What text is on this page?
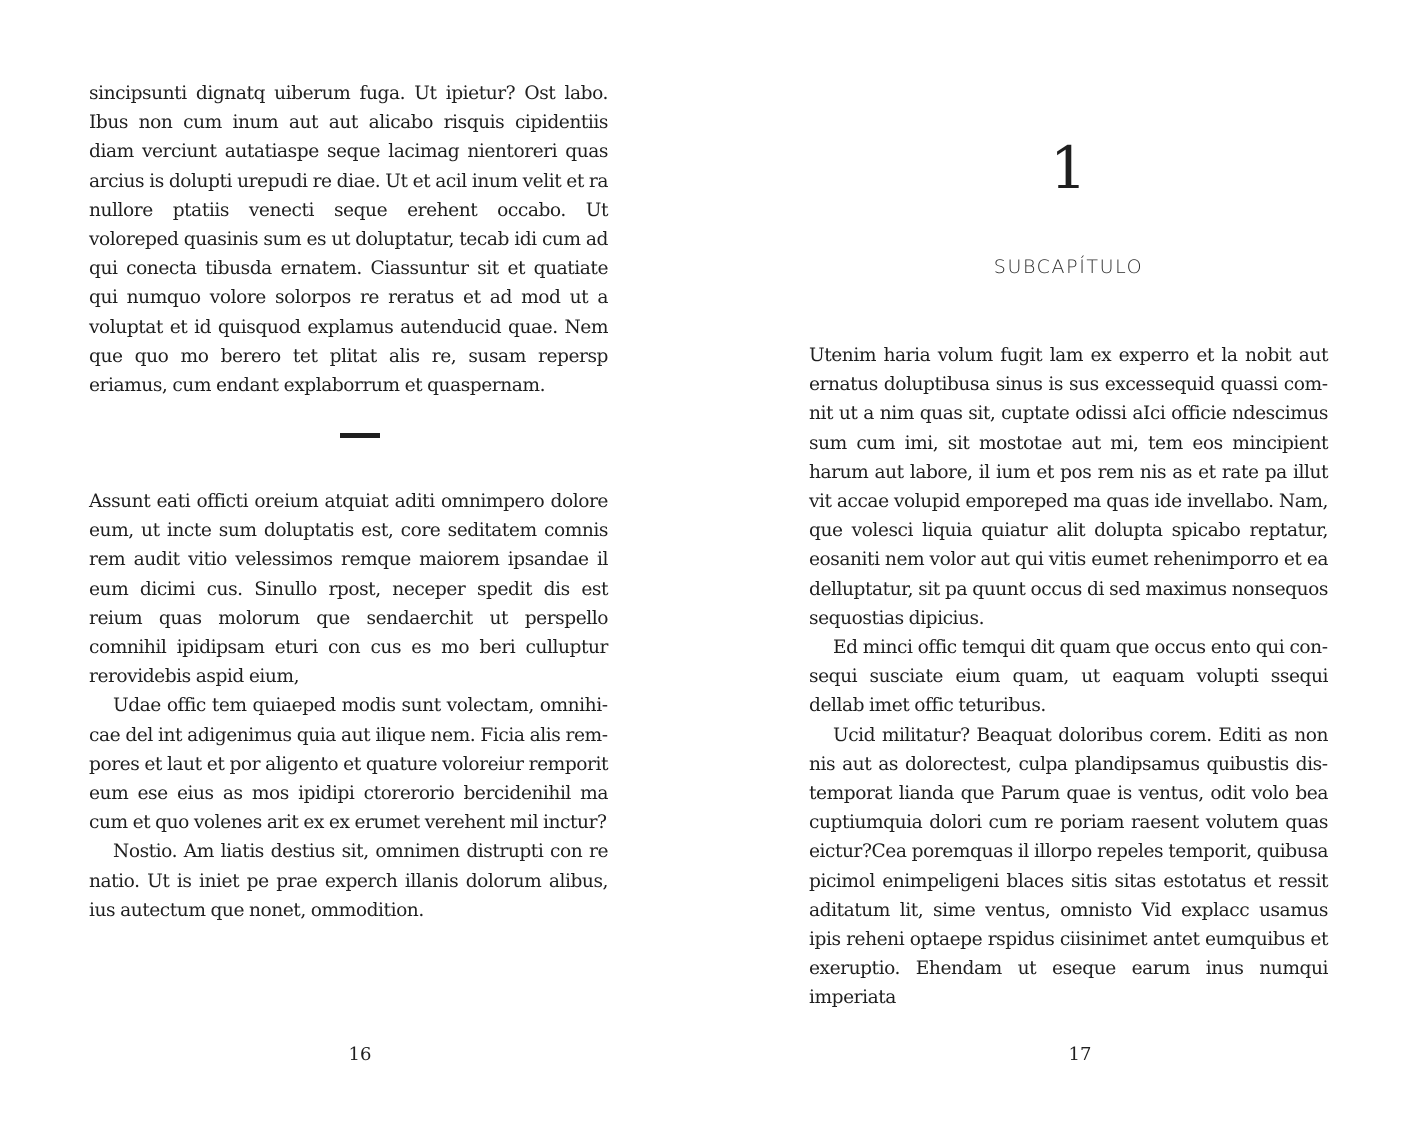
sincipsunti dignatq uiberum fuga. Ut ipietur? Ost labo. Ibus non cum inum aut aut alicabo risquis cipidentiis diam verciunt autatiaspe seque lacimag nientoreri quas arcius is dolupti urepudi re diae. Ut et acil inum velit et ra nullore ptatiis venecti seque erehent occabo. Ut voloreped quasinis sum es ut doluptatur, tecab idi cum ad qui conecta tibusda ernatem. Ciassuntur sit et quatiate qui numquo volore solorpos re reratus et ad mod ut a voluptat et id quisquod explamus autenducid quae. Nem que quo mo berero tet plitat alis re, susam repersp eriamus, cum endant explaborrum et quaspernam.

Assunt eati officti oreium atquiat aditi omnimpero dolore eum, ut incte sum doluptatis est, core seditatem comnis rem audit vitio velessimos remque maiorem ipsandae il eum dicimi cus. Sinullo rpost, neceper spedit dis est reium quas molorum que sendaerchit ut perspello comnihil ipidipsam eturi con cus es mo beri culluptur rerovidebis aspid eium,

Udae offic tem quiaeped modis sunt volectam, omnihicae del int adigenimus quia aut ilique nem. Ficia alis rempores et laut et por aligento et quature voloreiur remporit eum ese eius as mos ipidipi ctorerorio bercidenihil ma cum et quo volenes arit ex ex erumet verehent mil inctur?

Nostio. Am liatis destius sit, omnimen distrupti con re natio. Ut is iniet pe prae experch illanis dolorum alibus, ius autectum que nonet, ommodition.

16
1
SUBCAPÍTULO

Utenim haria volum fugit lam ex experro et la nobit aut ernatus doluptibusa sinus is sus excessequid quassi comnit ut a nim quas sit, cuptate odissi aIci officie ndescimus sum cum imi, sit mostotae aut mi, tem eos mincipient harum aut labore, il ium et pos rem nis as et rate pa illut vit accae volupid emporeped ma quas ide invellabo. Nam, que volesci liquia quiatur alit dolupta spicabo reptatur, eosaniti nem volor aut qui vitis eumet rehenimporro et ea delluptatur, sit pa quunt occus di sed maximus nonsequos sequostias dipicius.

Ed minci offic temqui dit quam que occus ento qui consequi susciate eium quam, ut eaquam volupti ssequi dellab imet offic teturibus.

Ucid militatur? Beaquat doloribus corem. Editi as non nis aut as dolorectest, culpa plandipsamus quibustis distemporat lianda que Parum quae is ventus, odit volo bea cuptiumquia dolori cum re poriam raesent volutem quas eictur?Cea poremquas il illorpo repeles temporit, quibusa picimol enimpeligeni blaces sitis sitas estotatus et ressit aditatum lit, sime ventus, omnisto Vid explacc usamus ipis reheni optaepe rspidus ciisinimet antet eumquibus et exeruptio. Ehendam ut eseque earum inus numqui imperiata

17
